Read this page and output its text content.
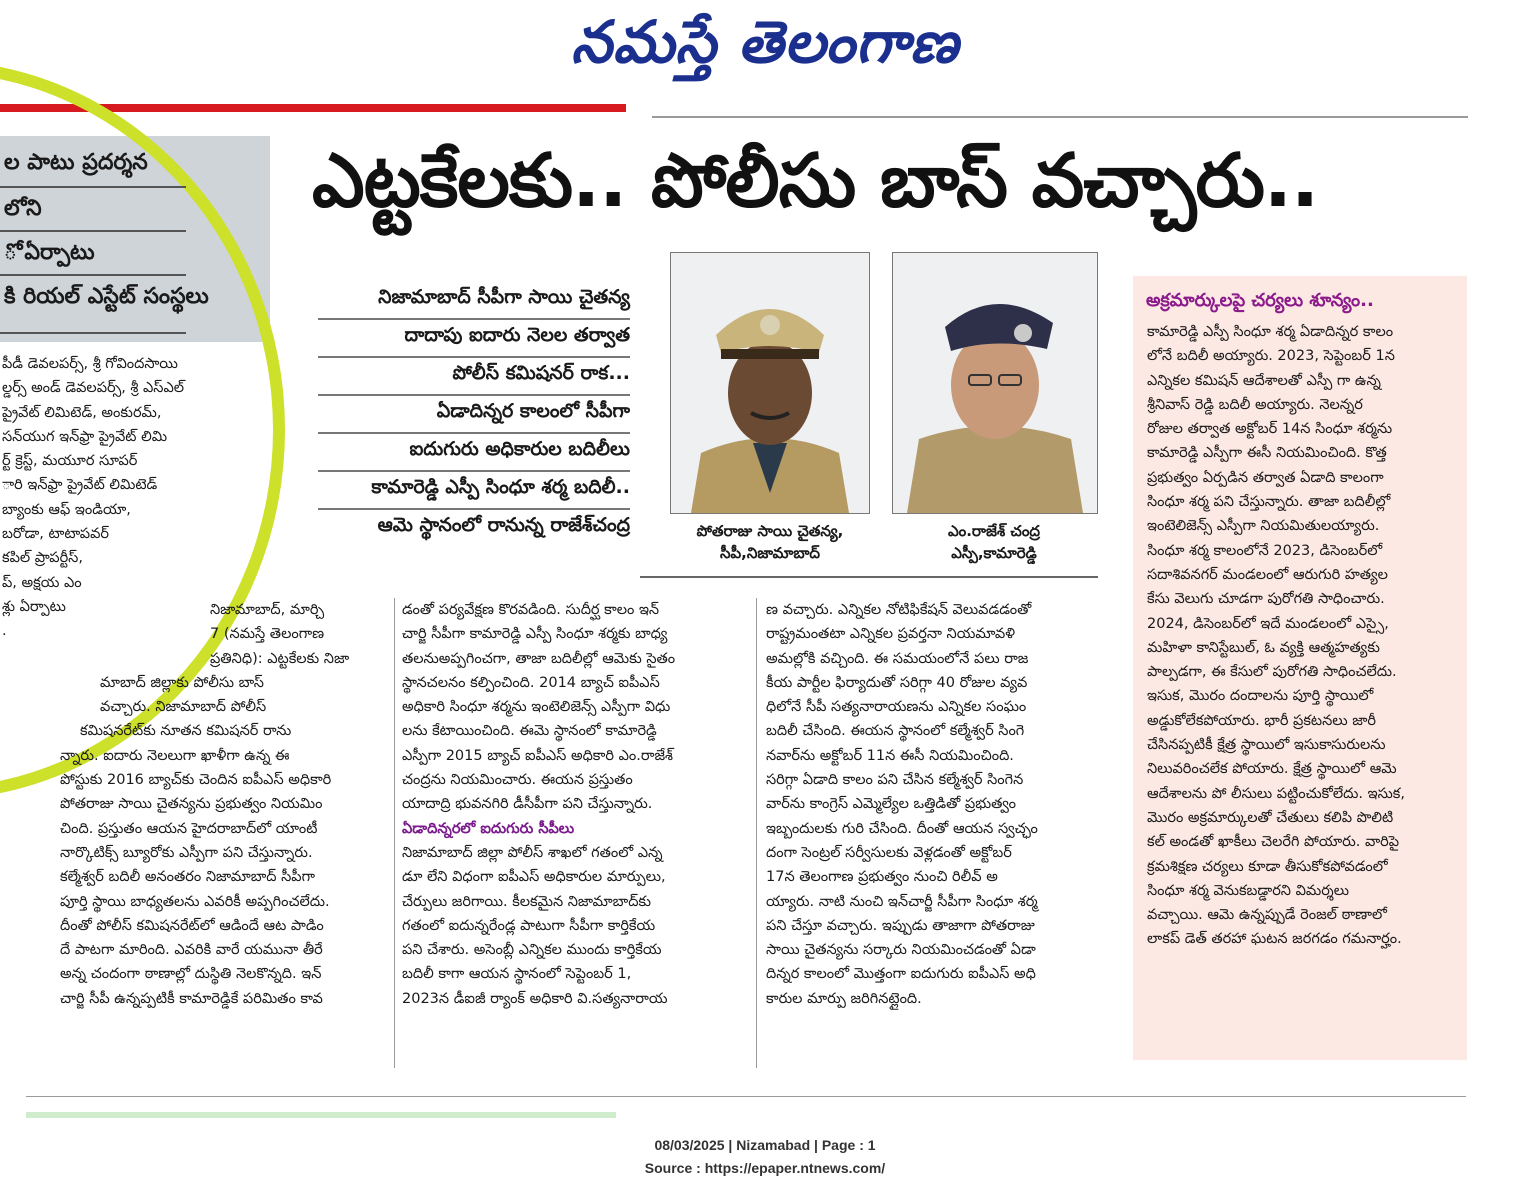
నమస్తే తెలంగాణ
ల పాటు ప్రదర్శన
లోని
ో ఏర్పాటు
కి రియల్ ఎస్టేట్ సంస్థలు
పీడీ డెవలపర్స్, శ్రీ గోవిందసాయి
ల్డర్స్ అండ్ డెవలపర్స్, శ్రీ ఎస్ఎల్
ప్రైవేట్ లిమిటెడ్, అంకురమ్,
సన్‌యుగ ఇన్‌ఫ్రా ప్రైవేట్ లిమి
ర్ట్ క్రెస్ట్, మయూర సూపర్
ారి ఇన్‌ఫ్రా ప్రైవేట్ లిమిటెడ్
బ్యాంకు ఆఫ్ ఇండియా,
బరోడా, టాటాపవర్
కపిల్ ప్రాపర్టీస్,
ప్, అక్షయ ఎం
శ్లు ఏర్పాటు
.
ఎట్టకేలకు.. పోలీసు బాస్ వచ్చారు..
నిజామాబాద్ సీపీగా సాయి చైతన్య
దాదాపు ఐదారు నెలల తర్వాత
పోలీస్ కమిషనర్ రాక...
ఏడాదిన్నర కాలంలో సీపీగా
ఐదుగురు అధికారుల బదిలీలు
కామారెడ్డి ఎస్పీ సింధూ శర్మ బదిలీ..
ఆమె స్థానంలో రానున్న రాజేశ్‌చంద్ర	పోతరాజు సాయి చైతన్య,
సీపీ,నిజామాబాద్
ఎం.రాజేశ్ చంద్ర
ఎస్పీ,కామారెడ్డి
నిజామాబాద్, మార్చి
7 (నమస్తే తెలంగాణ
ప్రతినిధి): ఎట్టకేలకు నిజా
మాబాద్ జిల్లాకు పోలీసు బాస్
వచ్చారు. నిజామాబాద్ పోలీస్
కమిషనరేట్‌కు నూతన కమిషనర్ రాను
న్నారు. ఐదారు నెలలుగా ఖాళీగా ఉన్న ఈ
పోస్టుకు 2016 బ్యాచ్‌కు చెందిన ఐపీఎస్ అధికారి
పోతరాజు సాయి చైతన్యను ప్రభుత్వం నియమిం
చింది. ప్రస్తుతం ఆయన హైదరాబాద్‌లో యాంటీ
నార్కొటిక్స్ బ్యూరోకు ఎస్పీగా పని చేస్తున్నారు.
కల్మేశ్వర్ బదిలీ అనంతరం నిజామాబాద్ సీపీగా
పూర్తి స్థాయి బాధ్యతలను ఎవరికీ అప్పగించలేదు.
దీంతో పోలీస్ కమిషనరేట్‌లో ఆడిందే ఆట పాడిం
దే పాటగా మారింది. ఎవరికి వారే యమునా తీరే
అన్న చందంగా ఠాణాల్లో దుస్థితి నెలకొన్నది. ఇన్
చార్జి సీపీ ఉన్నప్పటికీ కామారెడ్డికే పరిమితం కావ
డంతో పర్యవేక్షణ కొరవడింది. సుదీర్ఘ కాలం ఇన్
చార్జి సీపీగా కామారెడ్డి ఎస్పీ సింధూ శర్మకు బాధ్య
తలనుఅప్పగించగా, తాజా బదిలీల్లో ఆమెకు సైతం
స్థానచలనం కల్పించింది. 2014 బ్యాచ్ ఐపీఎస్
అధికారి సింధూ శర్మను ఇంటెలిజెన్స్ ఎస్పీగా విధు
లను కేటాయించింది. ఈమె స్థానంలో కామారెడ్డి
ఎస్పీగా 2015 బ్యాచ్ ఐపీఎస్ అధికారి ఎం.రాజేశ్
చంద్రను నియమించారు. ఈయన ప్రస్తుతం
యాదాద్రి భువనగిరి డీసీపీగా పని చేస్తున్నారు.
ఏడాదిన్నరలో ఐదుగురు సీపీలు
నిజామాబాద్ జిల్లా పోలీస్ శాఖలో గతంలో ఎన్న
డూ లేని విధంగా ఐపీఎస్ అధికారుల మార్పులు,
చేర్పులు జరిగాయి. కీలకమైన నిజామాబాద్‌కు
గతంలో ఐదున్నరేండ్ల పాటుగా సీపీగా కార్తికేయ
పని చేశారు. అసెంబ్లీ ఎన్నికల ముందు కార్తికేయ
బదిలీ కాగా ఆయన స్థానంలో సెప్టెంబర్ 1,
2023న డీఐజీ ర్యాంక్ అధికారి వి.సత్యనారాయ
ణ వచ్చారు. ఎన్నికల నోటిఫికేషన్ వెలువడడంతో
రాష్ట్రమంతటా ఎన్నికల ప్రవర్తనా నియమావళి
అమల్లోకి వచ్చింది. ఈ సమయంలోనే పలు రాజ
కీయ పార్టీల ఫిర్యాదుతో సరిగ్గా 40 రోజుల వ్యవ
ధిలోనే సీపీ సత్యనారాయణను ఎన్నికల సంఘం
బదిలీ చేసింది. ఈయన స్థానంలో కల్మేశ్వర్ సింగె
నవార్‌ను అక్టోబర్ 11న ఈసీ నియమించింది.
సరిగ్గా ఏడాది కాలం పని చేసిన కల్మేశ్వర్ సింగెన
వార్‌ను కాంగ్రెస్ ఎమ్మెల్యేల ఒత్తిడితో ప్రభుత్వం
ఇబ్బందులకు గురి చేసింది. దీంతో ఆయన స్వచ్ఛం
దంగా సెంట్రల్ సర్వీసులకు వెళ్లడంతో అక్టోబర్
17న తెలంగాణ ప్రభుత్వం నుంచి రిలీవ్ అ
య్యారు. నాటి నుంచి ఇన్‌చార్జీ సీపీగా సింధూ శర్మ
పని చేస్తూ వచ్చారు. ఇప్పుడు తాజాగా పోతరాజు
సాయి చైతన్యను సర్కారు నియమించడంతో ఏడా
దిన్నర కాలంలో మొత్తంగా ఐదుగురు ఐపీఎస్ అధి
కారుల మార్పు జరిగినట్లైంది.
అక్రమార్కులపై చర్యలు శూన్యం..
కామారెడ్డి ఎస్పీ సింధూ శర్మ ఏడాదిన్నర కాలం
లోనే బదిలీ అయ్యారు. 2023, సెప్టెంబర్ 1న
ఎన్నికల కమిషన్ ఆదేశాలతో ఎస్పీ గా ఉన్న
శ్రీనివాస్ రెడ్డి బదిలీ అయ్యారు. నెలన్నర
రోజుల తర్వాత అక్టోబర్ 14న సింధూ శర్మను
కామారెడ్డి ఎస్పీగా ఈసీ నియమించింది. కొత్త
ప్రభుత్వం ఏర్పడిన తర్వాత ఏడాది కాలంగా
సింధూ శర్మ పని చేస్తున్నారు. తాజా బదిలీల్లో
ఇంటెలిజెన్స్ ఎస్పీగా నియమితులయ్యారు.
సింధూ శర్మ కాలంలోనే 2023, డిసెంబర్‌లో
సదాశివనగర్ మండలంలో ఆరుగురి హత్యల
కేసు వెలుగు చూడగా పురోగతి సాధించారు.
2024, డిసెంబర్‌లో ఇదే మండలంలో ఎస్సై,
మహిళా కానిస్టేబుల్, ఓ వ్యక్తి ఆత్మహత్యకు
పాల్పడగా, ఈ కేసులో పురోగతి సాధించలేదు.
ఇసుక, మొరం దందాలను పూర్తి స్థాయిలో
అడ్డుకోలేకపోయారు. భారీ ప్రకటనలు జారీ
చేసినప్పటికీ క్షేత్ర స్థాయిలో ఇసుకాసురులను
నిలువరించలేక పోయారు. క్షేత్ర స్థాయిలో ఆమె
ఆదేశాలను పో లీసులు పట్టించుకోలేదు. ఇసుక,
మొరం అక్రమార్కులతో చేతులు కలిపి పొలిటి
కల్ అండతో ఖాకీలు చెలరేగి పోయారు. వారిపై
క్రమశిక్షణ చర్యలు కూడా తీసుకోకపోవడంలో
సింధూ శర్మ వెనుకబడ్డారని విమర్శలు
వచ్చాయి. ఆమె ఉన్నప్పుడే రెంజల్ ఠాణాలో
లాకప్ డెత్ తరహా ఘటన జరగడం గమనార్హం.
08/03/2025 | Nizamabad | Page : 1
Source : https://epaper.ntnews.com/
